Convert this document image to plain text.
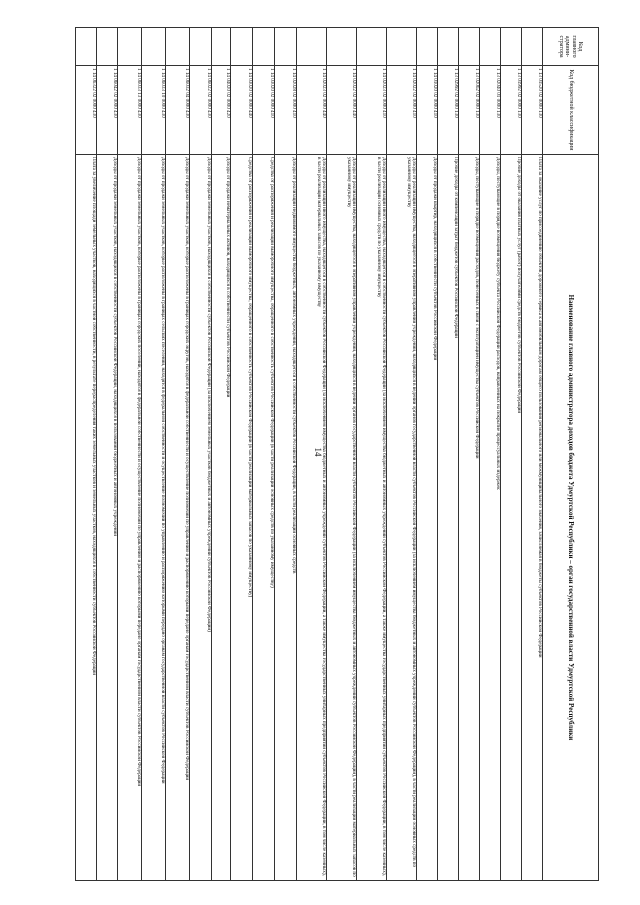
14
Код главного админи-стратора	Код бюджетной классификации	Наименование главного администратора доходов бюджета Удмуртской Республики – орган государственной власти Удмуртской Республики
	1 13 01520 02 0000 130	Плата за оказание услуг по присоединению объектов дорожного сервиса к автомобильным дорогам общего пользования регионального или межмуниципального значения, зачисляемая в бюджеты субъектов Российской Федерации
	1 13 01992 02 0000 130	Прочие доходы от оказания платных услуг (работ) получателями средств бюджетов субъектов Российской Федерации
	1 13 02040 01 0000 130	Доходы, поступающие в порядке возмещения бюджету субъекта Российской Федерации расходов, направленных на покрытие процессуальных издержек
	1 13 02062 02 0000 130	Доходы, поступающие в порядке возмещения расходов, понесенных в связи с эксплуатацией имущества субъектов Российской Федерации
	1 13 02992 02 0000 130	Прочие доходы от компенсации затрат бюджетов субъектов Российской Федерации
	1 14 01020 02 0000 410	Доходы от продажи квартир, находящихся в собственности субъектов Российской Федерации
	1 14 02022 02 0000 410	Доходы от реализации имущества, находящегося в оперативном управлении учреждений, находящихся в ведении органов государственной власти субъектов Российской Федерации (за исключением имущества бюджетных и автономных учреждений субъектов Российской Федерации), в части реализации основных средств по указанному имуществу
	1 14 02023 02 0000 410	Доходы от реализации иного имущества, находящегося в собственности субъектов Российской Федерации (за исключением имущества бюджетных и автономных учреждений субъектов Российской Федерации, а также имущества государственных унитарных предприятий субъектов Российской Федерации, в том числе казенных), в части реализации основных средств по указанному имуществу
	1 14 02022 02 0000 440	Доходы от реализации имущества, находящегося в оперативном управлении учреждений, находящихся в ведении органов государственной власти субъектов Российской Федерации (за исключением имущества бюджетных и автономных учреждений субъектов Российской Федерации), в части реализации материальных запасов по указанному имуществу
	1 14 02023 02 0000 440	Доходы от реализации иного имущества, находящегося в собственности субъектов Российской Федерации (за исключением имущества бюджетных и автономных учреждений субъектов Российской Федерации, а также имущества государственных унитарных предприятий субъектов Российской Федерации, в том числе казенных), в части реализации материальных запасов по указанному имуществу
	1 14 02028 02 0000 410	Доходы от реализации недвижимого имущества бюджетных, автономных учреждений, находящегося в собственности субъектов Российской Федерации, в части реализации основных средств
	1 14 03020 02 0000 410	Средства от распоряжения и реализации выморочного имущества, обращенного в собственность субъектов Российской Федерации (в части реализации основных средств по указанному имуществу)
	1 14 03020 02 0000 440	Средства от распоряжения и реализации выморочного имущества, обращенного в собственность субъектов Российской Федерации (в части реализации материальных запасов по указанному имуществу)
	1 14 04020 02 0000 420	Доходы от продажи нематериальных активов, находящихся в собственности субъектов Российской Федерации
	1 14 06022 02 0000 430	Доходы от продажи земельных участков, находящихся в собственности субъектов Российской Федерации (за исключением земельных участков бюджетных и автономных учреждений субъектов Российской Федерации)
	1 14 06032 04 0000 430	Доходы от продажи земельных участков, которые расположены в границах городских округов, находятся в федеральной собственности и осуществление полномочий по управлению и распоряжению которыми передано органам государственной власти субъектов Российской Федерации
	1 14 06033 10 0000 430	Доходы от продажи земельных участков, которые расположены в границах сельских поселений, находятся в федеральной собственности и осуществление полномочий по управлению и распоряжению которыми передано органам государственной власти субъектов Российской Федерации
	1 14 06033 13 0000 430	Доходы от продажи земельных участков, которые расположены в границах городских поселений, находятся в федеральной собственности и осуществление полномочий по управлению и распоряжению которыми передано органам государственной власти субъектов Российской Федерации
	1 14 06042 02 0000 430	Доходы от продажи земельных участков, находящихся в собственности субъектов Российской Федерации, находящихся в пользовании бюджетных и автономных учреждений
	1 14 06322 02 0000 430	Плата за увеличение площади земельных участков, находящихся в частной собственности, в результате перераспределения таких земельных участков и земельных участков, находящихся в собственности субъектов Российской Федерации
